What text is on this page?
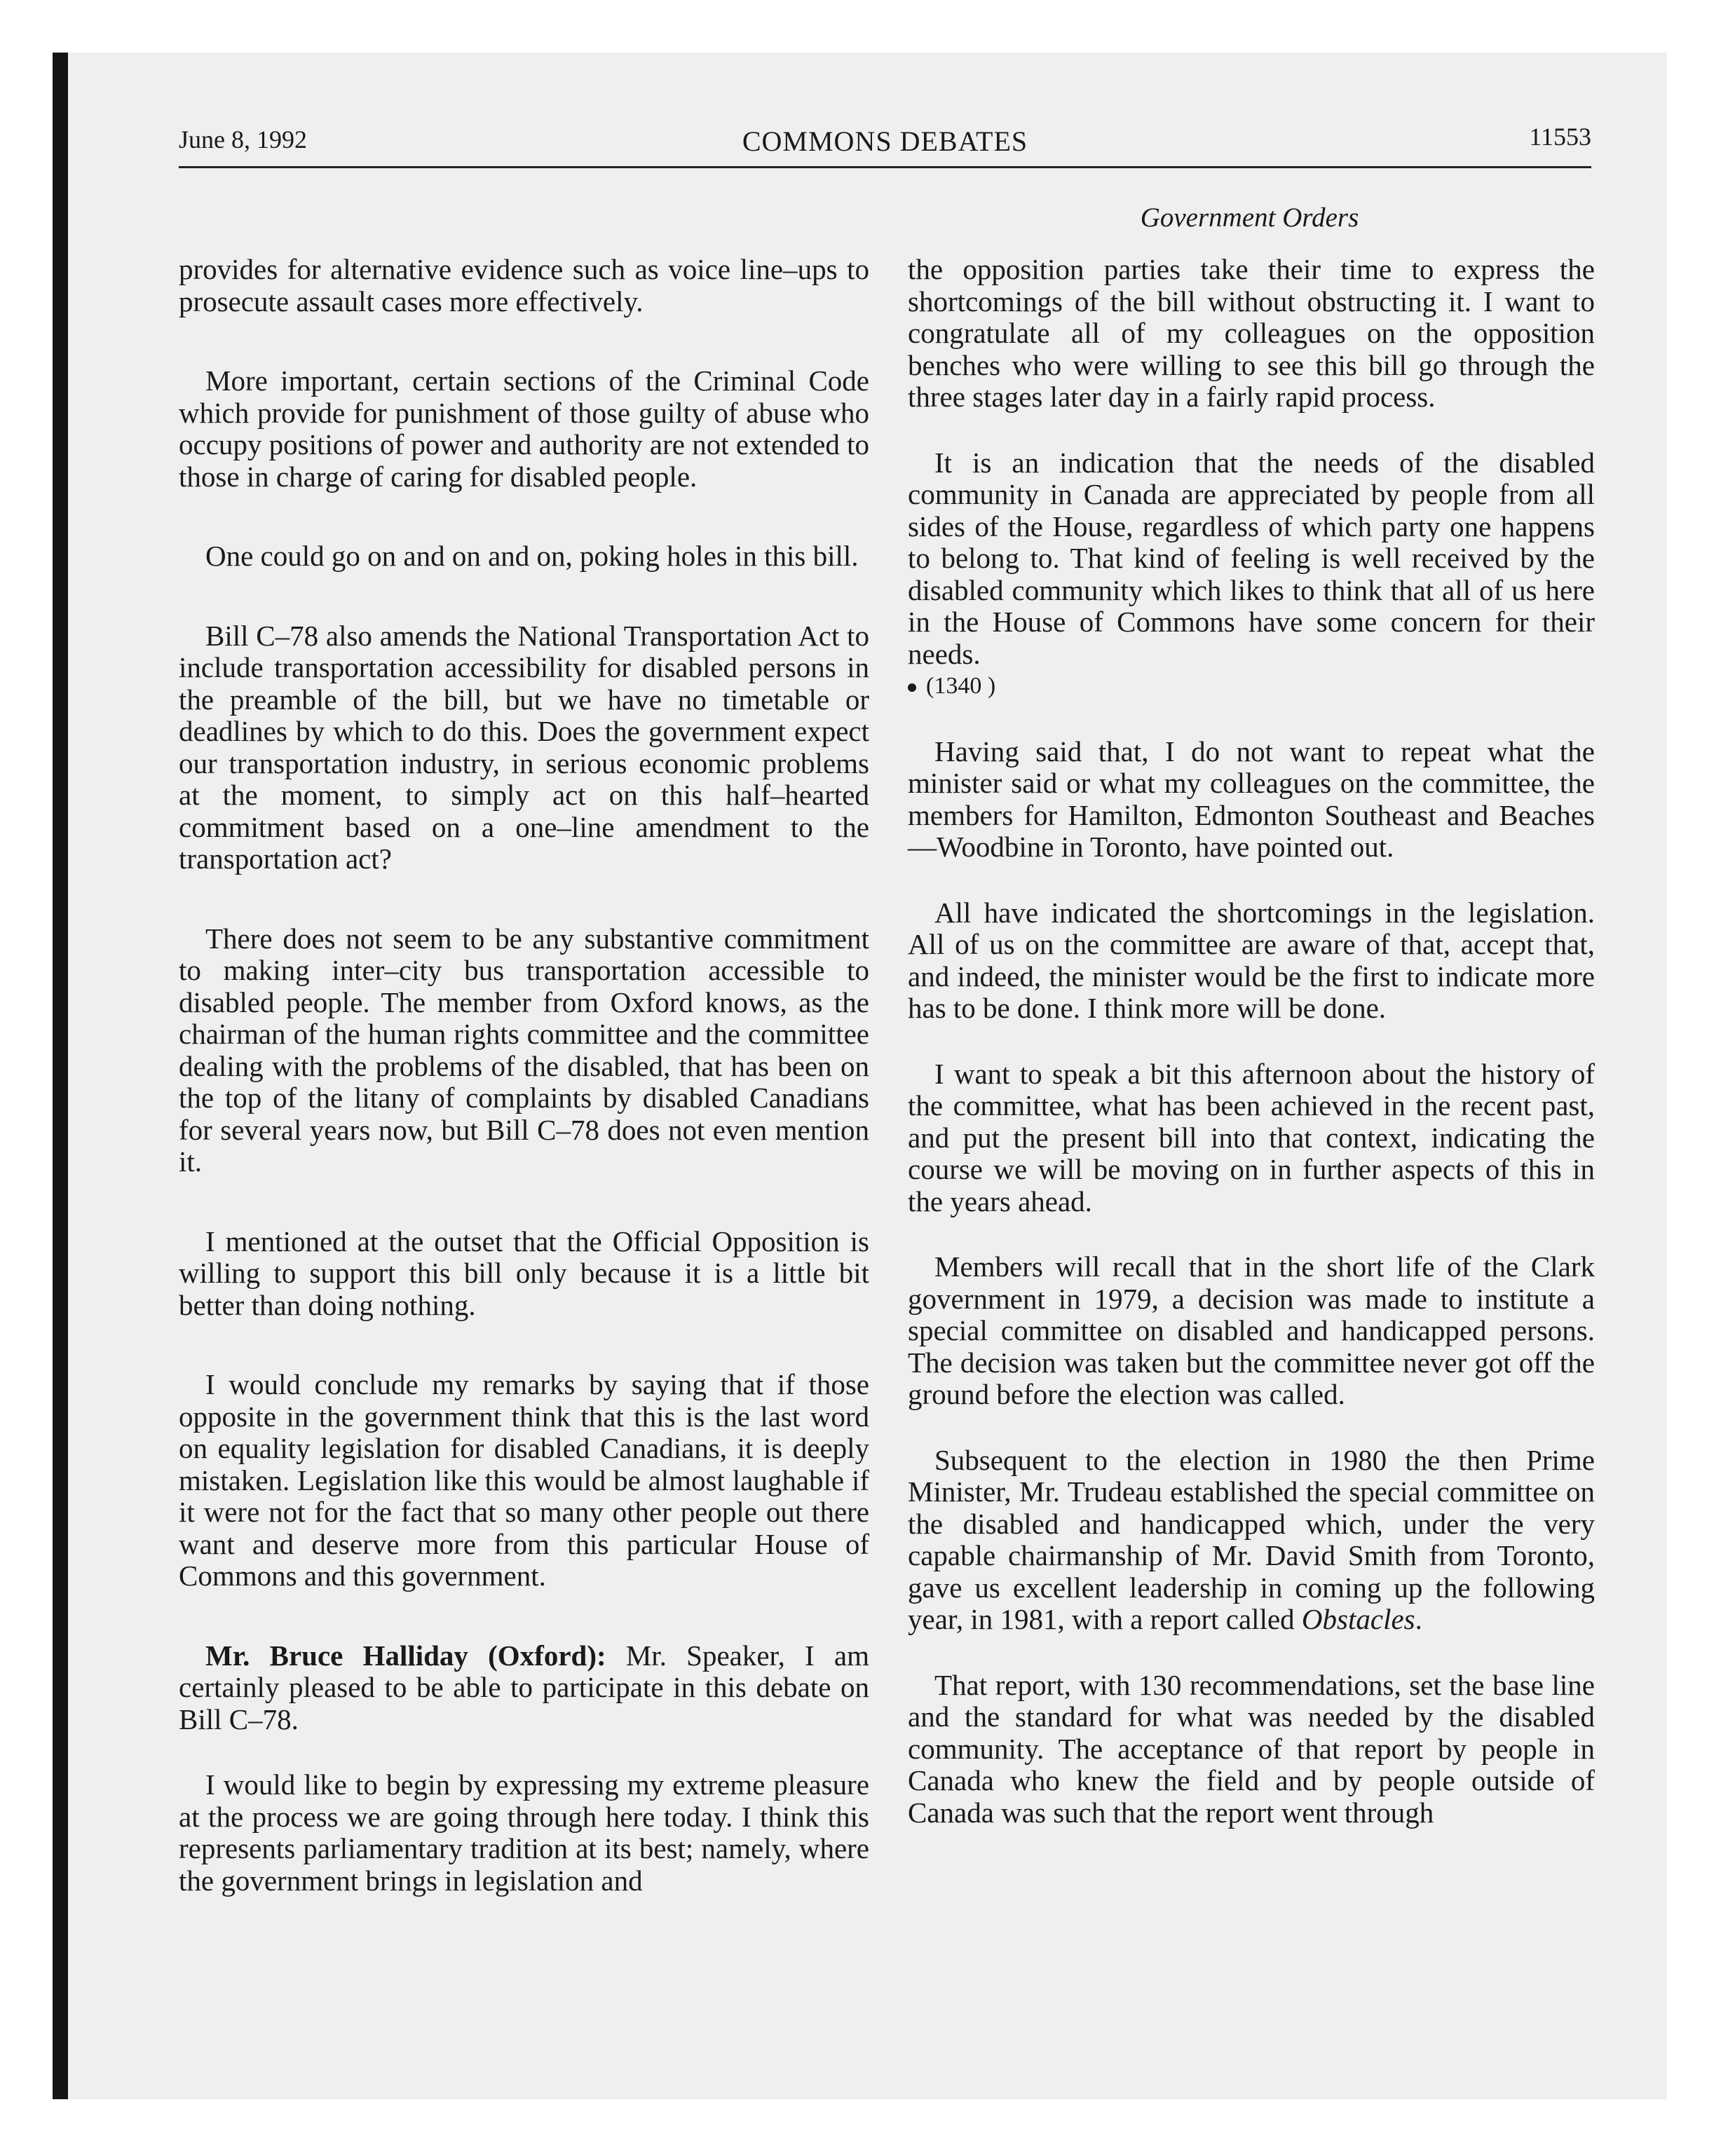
June 8, 1992	COMMONS DEBATES	11553
Government Orders

provides for alternative evidence such as voice line–ups to prosecute assault cases more effectively.

More important, certain sections of the Criminal Code which provide for punishment of those guilty of abuse who occupy positions of power and authority are not extended to those in charge of caring for disabled people.

One could go on and on and on, poking holes in this bill.

Bill C–78 also amends the National Transportation Act to include transportation accessibility for disabled persons in the preamble of the bill, but we have no timetable or deadlines by which to do this. Does the government expect our transportation industry, in serious economic problems at the moment, to simply act on this half–hearted commitment based on a one–line amendment to the transportation act?

There does not seem to be any substantive commitment to making inter–city bus transportation accessible to disabled people. The member from Oxford knows, as the chairman of the human rights committee and the committee dealing with the problems of the disabled, that has been on the top of the litany of complaints by disabled Canadians for several years now, but Bill C–78 does not even mention it.

I mentioned at the outset that the Official Opposition is willing to support this bill only because it is a little bit better than doing nothing.

I would conclude my remarks by saying that if those opposite in the government think that this is the last word on equality legislation for disabled Canadians, it is deeply mistaken. Legislation like this would be almost laughable if it were not for the fact that so many other people out there want and deserve more from this particular House of Commons and this government.

Mr. Bruce Halliday (Oxford): Mr. Speaker, I am certainly pleased to be able to participate in this debate on Bill C–78.

I would like to begin by expressing my extreme pleasure at the process we are going through here today. I think this represents parliamentary tradition at its best; namely, where the government brings in legislation and

the opposition parties take their time to express the shortcomings of the bill without obstructing it. I want to congratulate all of my colleagues on the opposition benches who were willing to see this bill go through the three stages later day in a fairly rapid process.

It is an indication that the needs of the disabled community in Canada are appreciated by people from all sides of the House, regardless of which party one happens to belong to. That kind of feeling is well received by the disabled community which likes to think that all of us here in the House of Commons have some concern for their needs.

(1340 )

Having said that, I do not want to repeat what the minister said or what my colleagues on the committee, the members for Hamilton, Edmonton Southeast and Beaches—Woodbine in Toronto, have pointed out.

All have indicated the shortcomings in the legislation. All of us on the committee are aware of that, accept that, and indeed, the minister would be the first to indicate more has to be done. I think more will be done.

I want to speak a bit this afternoon about the history of the committee, what has been achieved in the recent past, and put the present bill into that context, indicating the course we will be moving on in further aspects of this in the years ahead.

Members will recall that in the short life of the Clark government in 1979, a decision was made to institute a special committee on disabled and handicapped persons. The decision was taken but the committee never got off the ground before the election was called.

Subsequent to the election in 1980 the then Prime Minister, Mr. Trudeau established the special committee on the disabled and handicapped which, under the very capable chairmanship of Mr. David Smith from Toronto, gave us excellent leadership in coming up the following year, in 1981, with a report called Obstacles.

That report, with 130 recommendations, set the base line and the standard for what was needed by the disabled community. The acceptance of that report by people in Canada who knew the field and by people outside of Canada was such that the report went through
